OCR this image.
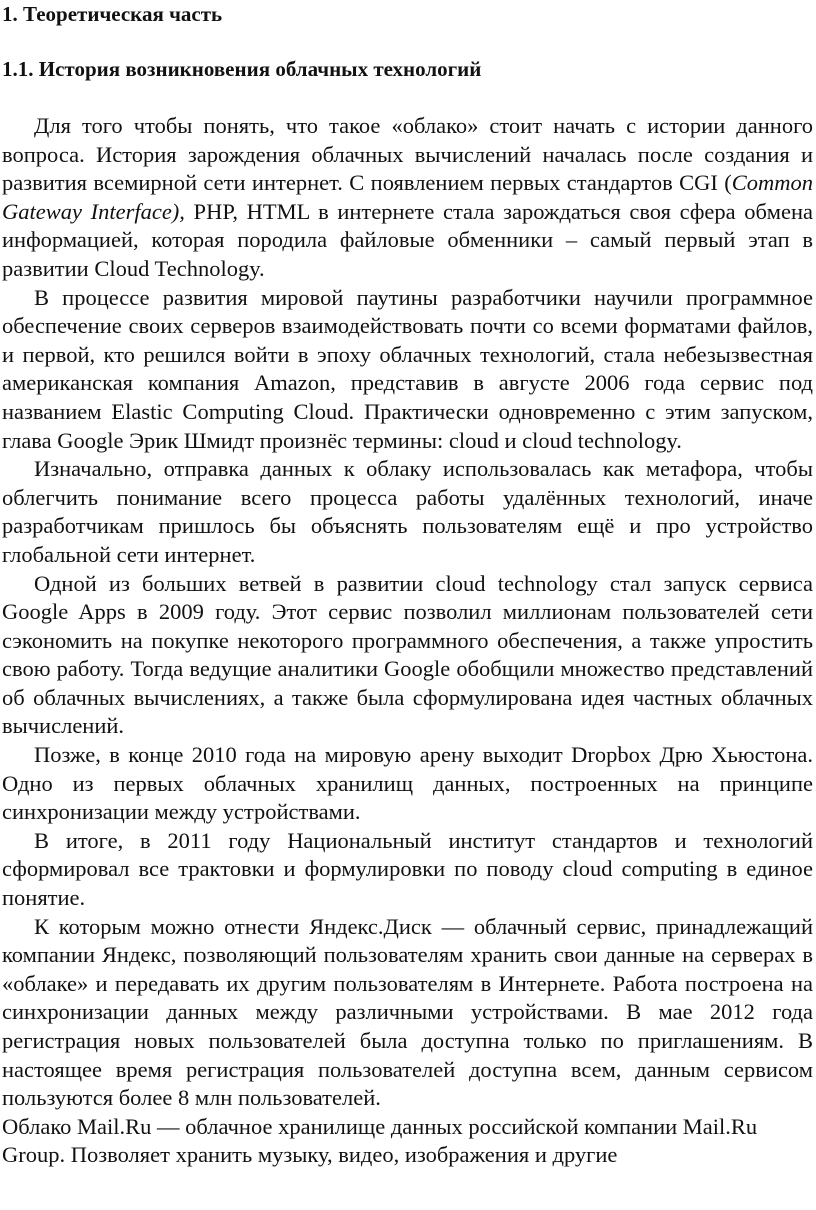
1. Теоретическая часть
1.1. История возникновения облачных технологий

Для того чтобы понять, что такое «облако» стоит начать с истории данного вопроса. История зарождения облачных вычислений началась после создания и развития всемирной сети интернет. С появлением первых стандартов CGI (Common Gateway Interface), PHP, HTML в интернете стала зарождаться своя сфера обмена информацией, которая породила файловые обменники – самый первый этап в развитии Cloud Technology.

В процессе развития мировой паутины разработчики научили программное обеспечение своих серверов взаимодействовать почти со всеми форматами файлов, и первой, кто решился войти в эпоху облачных технологий, стала небезызвестная американская компания Amazon, представив в августе 2006 года сервис под названием Elastic Computing Cloud. Практически одновременно с этим запуском, глава Google Эрик Шмидт произнёс термины: cloud и cloud technology.

Изначально, отправка данных к облаку использовалась как метафора, чтобы облегчить понимание всего процесса работы удалённых технологий, иначе разработчикам пришлось бы объяснять пользователям ещё и про устройство глобальной сети интернет.

Одной из больших ветвей в развитии cloud technology стал запуск сервиса Google Apps в 2009 году. Этот сервис позволил миллионам пользователей сети сэкономить на покупке некоторого программного обеспечения, а также упростить свою работу. Тогда ведущие аналитики Google обобщили множество представлений об облачных вычислениях, а также была сформулирована идея частных облачных вычислений.

Позже, в конце 2010 года на мировую арену выходит Dropbox Дрю Хьюстона. Одно из первых облачных хранилищ данных, построенных на принципе синхронизации между устройствами.

В итоге, в 2011 году Национальный институт стандартов и технологий сформировал все трактовки и формулировки по поводу cloud computing в единое понятие.

К которым можно отнести Яндекс.Диск — облачный сервис, принадлежащий компании Яндекс, позволяющий пользователям хранить свои данные на серверах в «облаке» и передавать их другим пользователям в Интернете. Работа построена на синхронизации данных между различными устройствами. В мае 2012 года регистрация новых пользователей была доступна только по приглашениям. В настоящее время регистрация пользователей доступна всем, данным сервисом пользуются более 8 млн пользователей.

Облако Mail.Ru — облачное хранилище данных российской компании Mail.Ru Group. Позволяет хранить музыку, видео, изображения и другие
